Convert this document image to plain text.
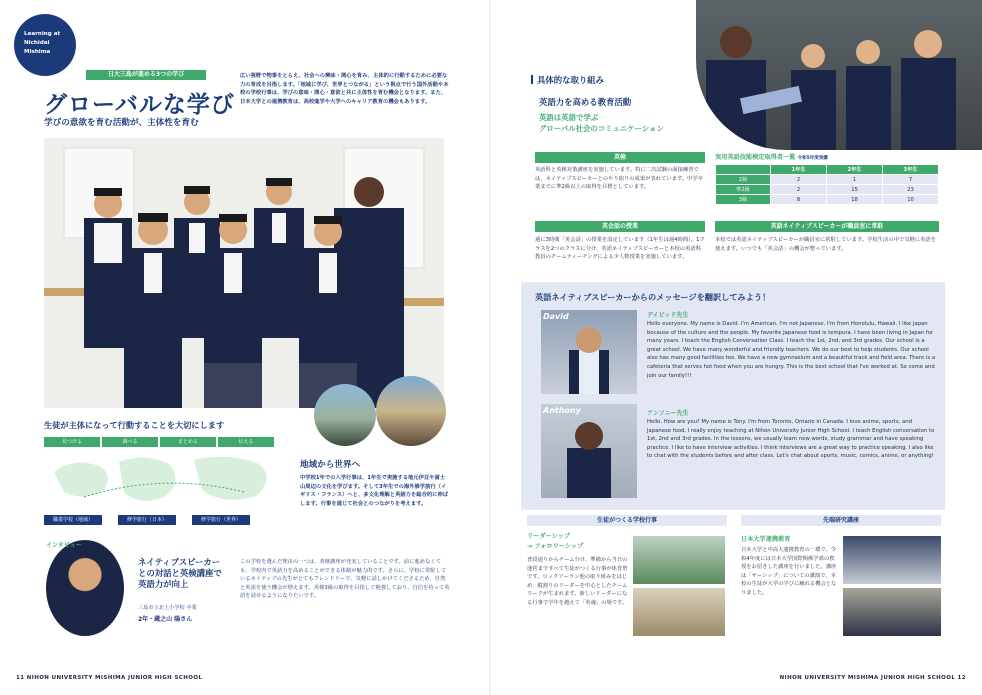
Learning at
Nichidai
Mishima
日大三島が進める3つの学び
グローバルな学び
学びの意欲を育む活動が、主体性を育む
広い視野で物事をとらえ、社会への興味・関心を育み、主体的に行動するために必要な力の育成を目指します。「地域に学び、世界とつながる」という視点で行う国外活動や本校の学校行事は、学びの意味・関心・意欲と共に主体性を育む機会となります。また、日本大学との連携教育は、高校進学や大学へのキャリア教育の機会もあります。
生徒が主体になって行動することを大切にします
見つける	調べる	まとめる	伝える
地域から世界へ
中学校1年での入学行事は、1年生で実施する地元伊豆や富士山周辺の文化を学びます。そして3年生での海外修学旅行（イギリス・フランス）へと、多文化理解と英語力を総合的に伸ばします。行事を通じて社会とのつながりを考えます。
職業学校（地域）	修学旅行（日本）	修学旅行（世界）
インタビュー
ネイティブスピーカー
との対話と英検講座で
英語力が向上
三島市立北上小学校 卒業
2年・蔵之山 陽さん
この学校を選んだ理由の一つは、英検講座が充実していることです。前に進めなくても、学校内で英語力を高めることができる体制が魅力的です。さらに、学校に常駐しているネイティブの先生がとてもフレンドリーで、気軽に話しかけてくださるため、自然と英語を使う機会が増えます。英検3級の取得を目指して勉強しており、自信を持って英語を話せるようになりたいです。
11 NIHON UNIVERSITY MISHIMA JUNIOR HIGH SCHOOL
具体的な取り組み
英語力を高める教育活動
英語は英語で学ぶ
グローバル社会のコミュニケーション
英検
英語科と英検対策講座を実施しています。特に二次試験の面接練習では、ネイティブスピーカーとのやり取りの成果が表れています。中学卒業までに準2級以上の取得を目標としています。
実用英語技能検定取得者一覧 令和5年度実績
	1年生	2年生	3年生
2級	2	1	7
準2級	2	15	23
3級	8	18	10
英会話の授業
週に3時間「英会話」の授業を設定しています（1年生は週4時間）。1クラスを2つのクラスに分け、英語ネイティブスピーカーと本校の英語科教員のチームティーチングによる少人数授業を実施しています。
英語ネイティブスピーカーが職員室に常駐
本校では英語ネイティブスピーカーが職員室に常駐しています。学校生活の中で気軽に英語を使えます。いつでも「英会話」の機会が整っています。
英語ネイティブスピーカーからのメッセージを翻訳してみよう！
David	デイビッド先生
Hello everyone. My name is David. I'm American. I'm not Japanese. I'm from Honolulu, Hawaii. I like Japan because of the culture and the people. My favorite Japanese food is tempura. I have been living in Japan for many years. I teach the English Conversation Class. I teach the 1st, 2nd, and 3rd grades. Our school is a great school. We have many wonderful and friendly teachers. We do our best to help students. Our school also has many good facilities too. We have a new gymnasium and a beautiful track and field area. There is a cafeteria that serves hot food when you are hungry. This is the best school that I've worked at. So come and join our family!!!
Anthony	アンソニー先生
Hello. How are you? My name is Tony. I'm from Toronto, Ontario in Canada. I love anime, sports, and Japanese food. I really enjoy teaching at Nihon University Junior High School. I teach English conversation to 1st, 2nd and 3rd grades. In the lessons, we usually learn new words, study grammar and have speaking practice. I like to have interview activities. I think interviews are a great way to practice speaking. I also like to chat with the students before and after class. Let's chat about sports, music, comics, anime, or anything!
生徒がつくる学校行事
リーダーシップ
→ フォロワーシップ
普段通りからチーム分け、準備から当日の運営まですべて生徒がつくる行事が体育祭です。ロックソーラン他の取り組みをはじめ、縦割りのリーダーを中心としたチームワークが生まれます。新しいリーダーになる行事で学年を越えて「英魂」の場です。
先端研究講座
日本大学連携教育
日本大学と中高大連携教育の一環で、令和4年度には日本大学国際関係学部の教授をお招きした講座を行いました。講座は「サーシップ」についての講演で、本校の生徒が大学の学びに触れる機会となりました。
NIHON UNIVERSITY MISHIMA JUNIOR HIGH SCHOOL 12
